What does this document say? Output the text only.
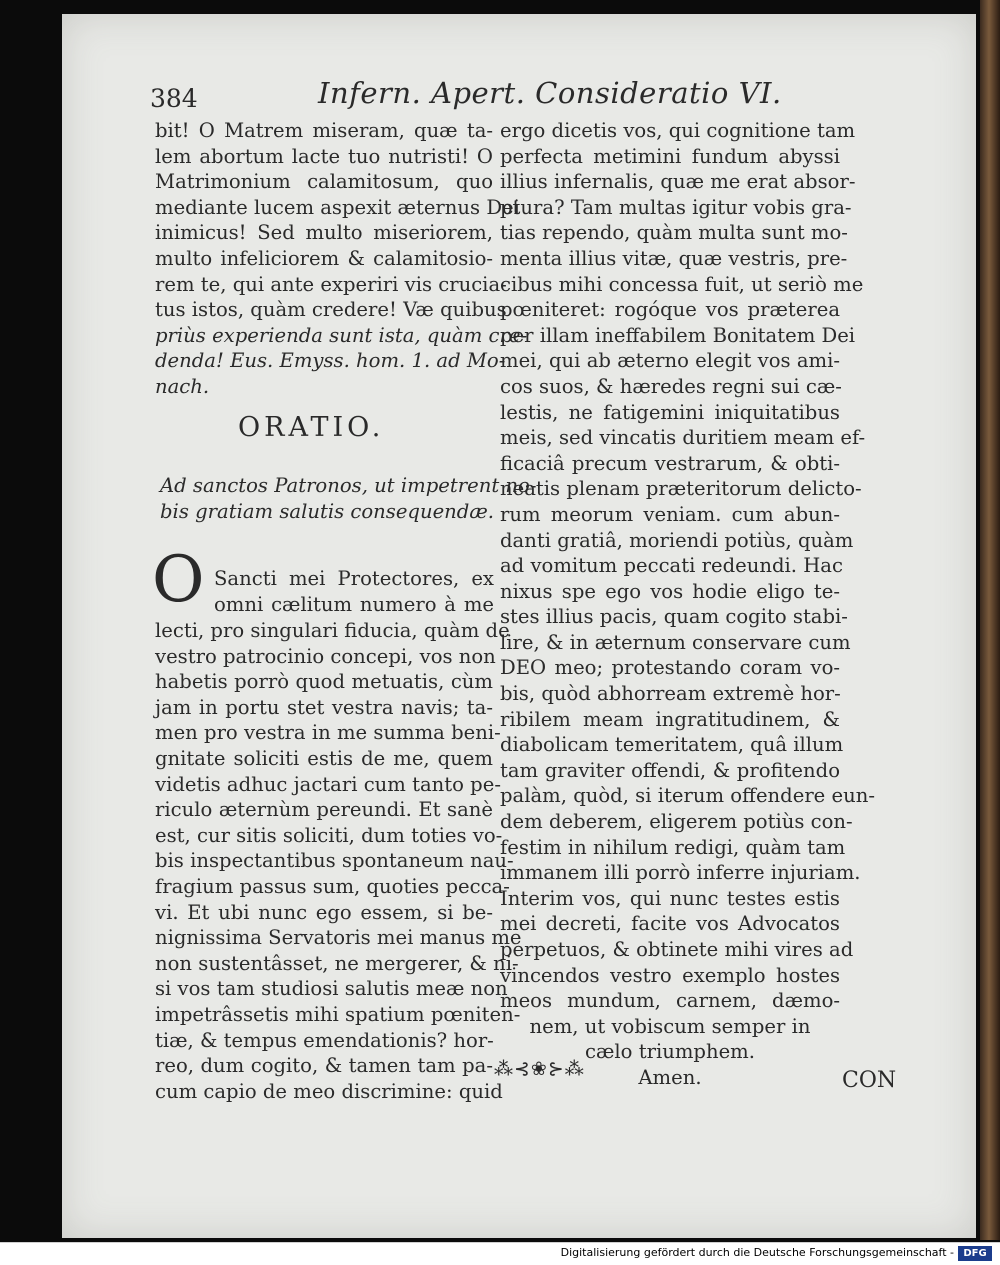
384	Infern. Apert. Consideratio VI.
bit! O Matrem miseram, quæ ta-
lem abortum lacte tuo nutristi! O
Matrimonium calamitosum, quo
mediante lucem aspexit æternus Dei
inimicus! Sed multo miseriorem,
multo infeliciorem & calamitosio-
rem te, qui ante experiri vis crucia-
tus istos, quàm credere! Væ quibus
priùs experienda sunt ista, quàm cre-
denda! Eus. Emyss. hom. 1. ad Mo-
nach.
ORATIO.
Ad sanctos Patronos, ut impetrent no-
bis gratiam salutis consequendæ.
O Sancti mei Protectores, ex
omni cælitum numero à me
lecti, pro singulari fiducia, quàm de
vestro patrocinio concepi, vos non
habetis porrò quod metuatis, cùm
jam in portu stet vestra navis; ta-
men pro vestra in me summa beni-
gnitate soliciti estis de me, quem
videtis adhuc jactari cum tanto pe-
riculo æternùm pereundi. Et sanè
est, cur sitis soliciti, dum toties vo-
bis inspectantibus spontaneum nau-
fragium passus sum, quoties pecca-
vi. Et ubi nunc ego essem, si be-
nignissima Servatoris mei manus me
non sustentâsset, ne mergerer, & ni-
si vos tam studiosi salutis meæ non
impetrâssetis mihi spatium pœniten-
tiæ, & tempus emendationis? hor-
reo, dum cogito, & tamen tam pa-
cum capio de meo discrimine: quid
ergo dicetis vos, qui cognitione tam
perfecta metimini fundum abyssi
illius infernalis, quæ me erat absor-
ptura? Tam multas igitur vobis gra-
tias rependo, quàm multa sunt mo-
menta illius vitæ, quæ vestris, pre-
cibus mihi concessa fuit, ut seriò me
pœniteret: rogóque vos præterea
per illam ineffabilem Bonitatem Dei
mei, qui ab æterno elegit vos ami-
cos suos, & hæredes regni sui cæ-
lestis, ne fatigemini iniquitatibus
meis, sed vincatis duritiem meam ef-
ficaciâ precum vestrarum, & obti-
neatis plenam præteritorum delicto-
rum meorum veniam. cum abun-
danti gratiâ, moriendi potiùs, quàm
ad vomitum peccati redeundi. Hac
nixus spe ego vos hodie eligo te-
stes illius pacis, quam cogito stabi-
lire, & in æternum conservare cum
DEO meo; protestando coram vo-
bis, quòd abhorream extremè hor-
ribilem meam ingratitudinem, &
diabolicam temeritatem, quâ illum
tam graviter offendi, & profitendo
palàm, quòd, si iterum offendere eun-
dem deberem, eligerem potiùs con-
festim in nihilum redigi, quàm tam
immanem illi porrò inferre injuriam.
Interim vos, qui nunc testes estis
mei decreti, facite vos Advocatos
perpetuos, & obtinete mihi vires ad
vincendos vestro exemplo hostes
meos mundum, carnem, dæmo-
nem, ut vobiscum semper in
cælo triumphem.
Amen.
⁂⊰❀⊱⁂	CON
Digitalisierung gefördert durch die Deutsche Forschungsgemeinschaft - DFG
